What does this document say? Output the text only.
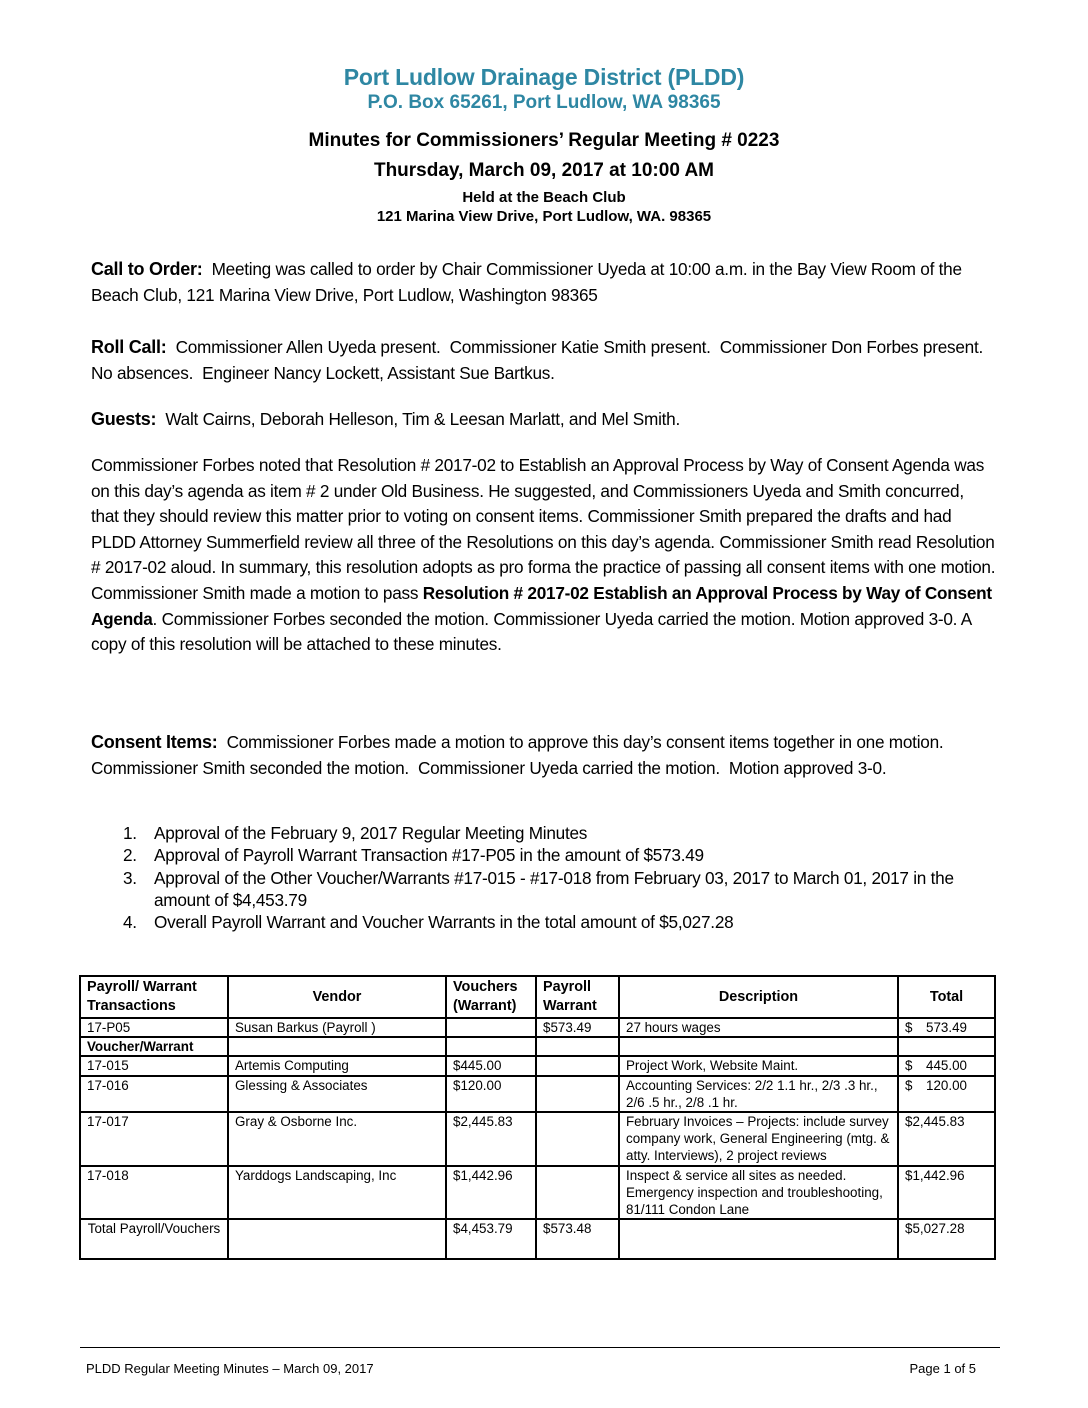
Port Ludlow Drainage District (PLDD)
P.O. Box 65261, Port Ludlow, WA 98365
Minutes for Commissioners’ Regular Meeting # 0223
Thursday, March 09, 2017 at 10:00 AM
Held at the Beach Club
121 Marina View Drive, Port Ludlow, WA. 98365
Call to Order:  Meeting was called to order by Chair Commissioner Uyeda at 10:00 a.m. in the Bay View Room of the Beach Club, 121 Marina View Drive, Port Ludlow, Washington 98365
Roll Call:  Commissioner Allen Uyeda present.  Commissioner Katie Smith present.  Commissioner Don Forbes present.  No absences.  Engineer Nancy Lockett, Assistant Sue Bartkus.
Guests:  Walt Cairns, Deborah Helleson, Tim & Leesan Marlatt, and Mel Smith.
Commissioner Forbes noted that Resolution # 2017-02 to Establish an Approval Process by Way of Consent Agenda was on this day’s agenda as item # 2 under Old Business. He suggested, and Commissioners Uyeda and Smith concurred, that they should review this matter prior to voting on consent items. Commissioner Smith prepared the drafts and had PLDD Attorney Summerfield review all three of the Resolutions on this day’s agenda. Commissioner Smith read Resolution # 2017-02 aloud. In summary, this resolution adopts as pro forma the practice of passing all consent items with one motion. Commissioner Smith made a motion to pass Resolution # 2017-02 Establish an Approval Process by Way of Consent Agenda. Commissioner Forbes seconded the motion. Commissioner Uyeda carried the motion. Motion approved 3-0. A copy of this resolution will be attached to these minutes.
Consent Items:  Commissioner Forbes made a motion to approve this day’s consent items together in one motion.  Commissioner Smith seconded the motion.  Commissioner Uyeda carried the motion.  Motion approved 3-0.
1. Approval of the February 9, 2017 Regular Meeting Minutes
2. Approval of Payroll Warrant Transaction #17-P05 in the amount of $573.49
3. Approval of the Other Voucher/Warrants #17-015 - #17-018 from February 03, 2017 to March 01, 2017 in the amount of $4,453.79
4. Overall Payroll Warrant and Voucher Warrants in the total amount of $5,027.28
Payroll/ Warrant Transactions	Vendor	Vouchers (Warrant)	Payroll Warrant	Description	Total
17-P05	Susan Barkus (Payroll )		$573.49	27 hours wages	$ 573.49

Voucher/Warrant					
17-015	Artemis Computing	$445.00		Project Work, Website Maint.	$ 445.00

17-016	Glessing & Associates	$120.00		Accounting Services: 2/2 1.1 hr., 2/3 .3 hr., 2/6 .5 hr., 2/8 .1 hr.	$ 120.00

17-017	Gray & Osborne Inc.	$2,445.83		February Invoices – Projects: include survey company work, General Engineering (mtg. & atty. Interviews), 2 project reviews	$2,445.83
17-018	Yarddogs Landscaping, Inc	$1,442.96		Inspect & service all sites as needed. Emergency inspection and troubleshooting, 81/111 Condon Lane	$1,442.96
Total Payroll/Vouchers		$4,453.79	$573.48		$5,027.28
PLDD Regular Meeting Minutes – March 09, 2017	Page 1 of 5
